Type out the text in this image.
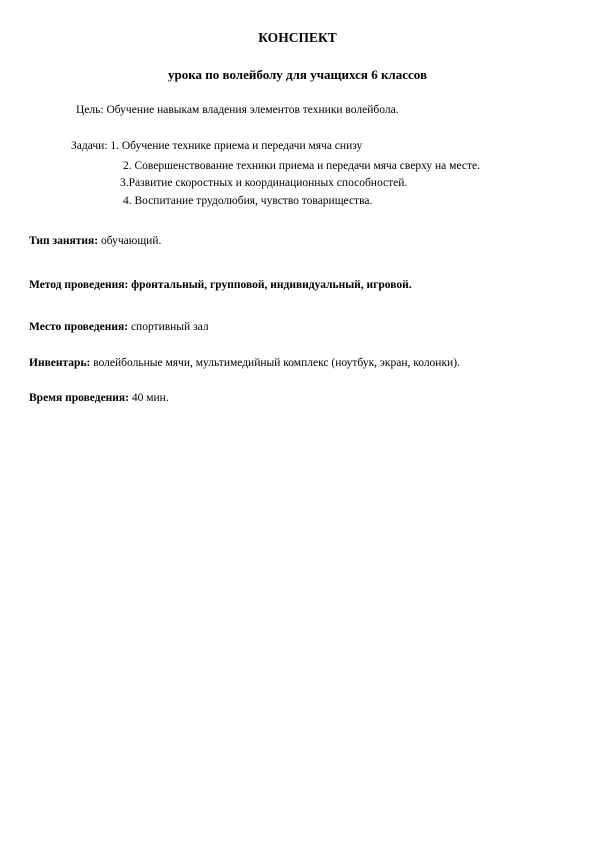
КОНСПЕКТ
урока по волейболу для учащихся 6 классов
Цель: Обучение навыкам владения элементов техники волейбола.
Задачи: 1. Обучение технике приема и передачи мяча снизу
2. Совершенствование техники приема и передачи мяча сверху на месте.
3.Развитие скоростных и координационных способностей.
4. Воспитание трудолюбия, чувство товарищества.
Тип занятия: обучающий.
Метод проведения: фронтальный, групповой, индивидуальный, игровой.
Место проведения: спортивный зал
Инвентарь: волейбольные мячи, мультимедийный комплекс (ноутбук, экран, колонки).
Время проведения: 40 мин.
